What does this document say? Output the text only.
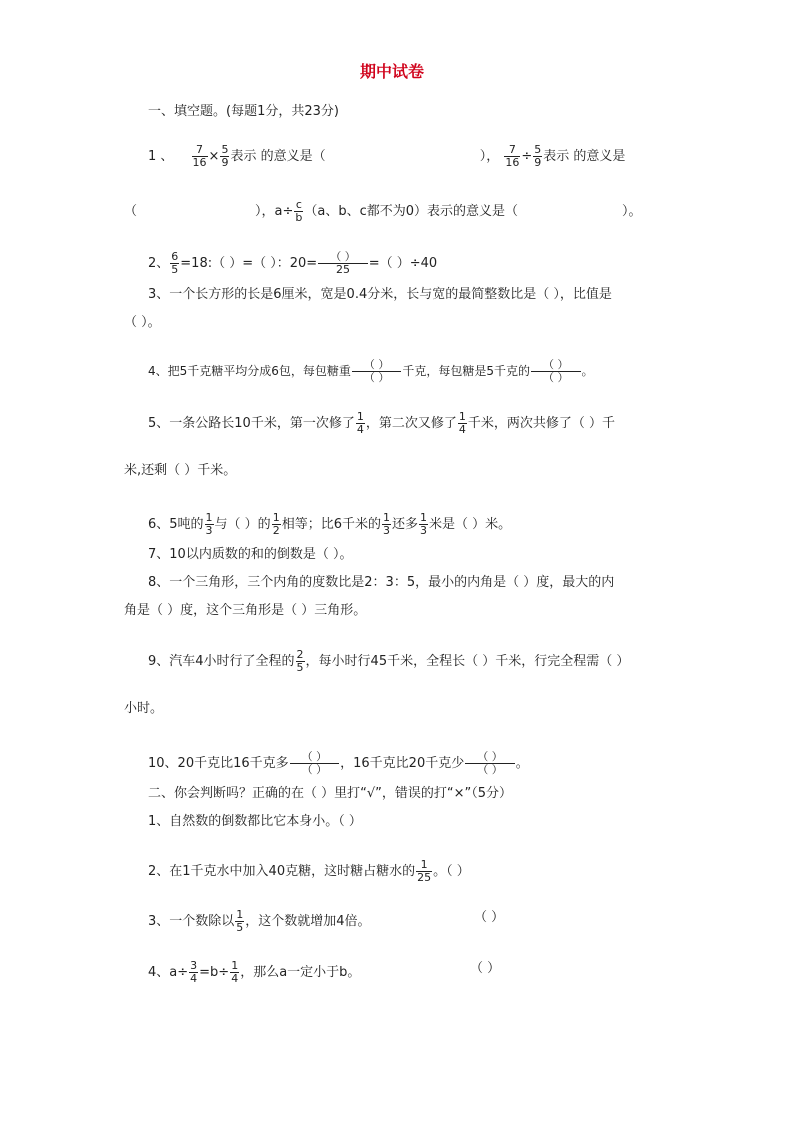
期中试卷
一、填空题。(每题1分，共23分)
1 、 $\frac{7}{16} \times \frac{5}{9}$ 表示 的意义是（	）， $\frac{7}{16} \div \frac{5}{9}$ 表示 的意义是
（	），$a\div \frac{c}{b} (a$、b、c都不为0）表示的意义是（	）。
2、 $\frac{6}{5}$ =18:（ ）=（ ）：$20= \frac{( )}{25}$ =（ ）÷40
3、一个长方形的长是6厘米，宽是0.4分米，长与宽的最简整数比是（ ），比值是
（ ）。
4、把5千克糖平均分成6包，每包糖重 $\frac{( )}{( )}$ 千克，每包糖是5千克的 $\frac{( )}{( )}$ 。
5、一条公路长10千米，第一次修了 $\frac{1}{4}$ ，第二次又修了 $\frac{1}{4}$ 千米，两次共修了（ ）千
米,还剩（ ）千米。
6、5吨的 $\frac{1}{3}$ 与（ ）的 $\frac{1}{2}$ 相等；比6千米的 $\frac{1}{3}$ 还多 $\frac{1}{3}$ 米是（ ）米。
7、10以内质数的和的倒数是（ ）。
8、一个三角形，三个内角的度数比是2：3：5，最小的内角是（ ）度，最大的内
角是（ ）度，这个三角形是（ ）三角形。
9、汽车4小时行了全程的 $\frac{2}{5}$ ，每小时行45千米，全程长（ ）千米，行完全程需（ ）
小时。
10、20千克比16千克多 $\frac{( )}{( )}$ ，16千克比20千克少 $\frac{( )}{( )}$ 。
二、你会判断吗？正确的在（ ）里打“√”，错误的打“×”（5分）
1、自然数的倒数都比它本身小。（ ）
2、在1千克水中加入40克糖，这时糖占糖水的 $\frac{1}{25}$ 。（ ）
3、一个数除以 $\frac{1}{5}$ ，这个数就增加4倍。	（ ）
4、$a\div \frac{3}{4} =b\div \frac{1}{4}$ ，那么a一定小于b。	（ ）
